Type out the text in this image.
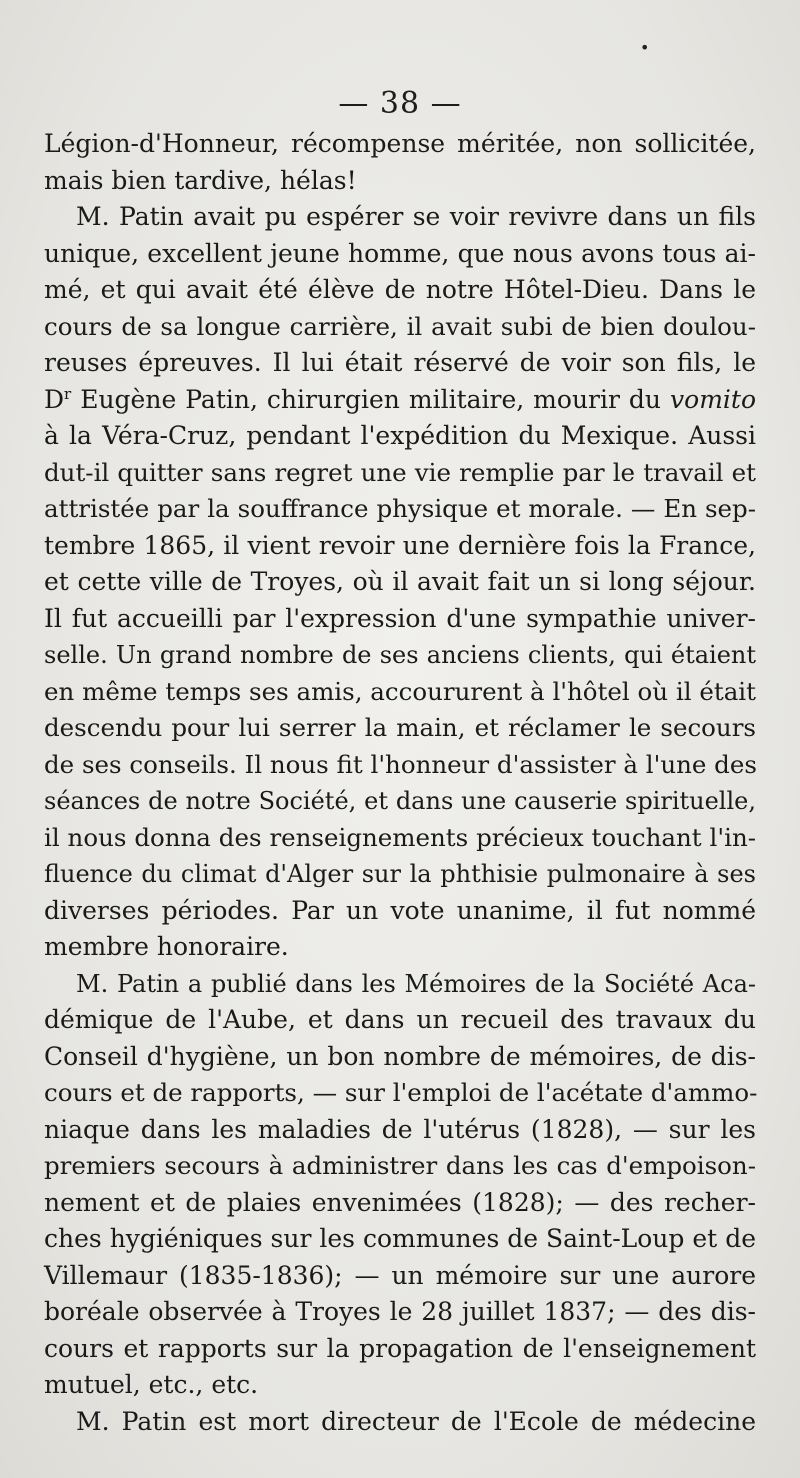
•
— 38 —
Légion-d'Honneur, récompense méritée, non sollicitée,
mais bien tardive, hélas!
M. Patin avait pu espérer se voir revivre dans un fils
unique, excellent jeune homme, que nous avons tous ai-
mé, et qui avait été élève de notre Hôtel-Dieu. Dans le
cours de sa longue carrière, il avait subi de bien doulou-
reuses épreuves. Il lui était réservé de voir son fils, le
$D^r$ Eugène Patin, chirurgien militaire, mourir du vomito
à la Véra-Cruz, pendant l'expédition du Mexique. Aussi
dut-il quitter sans regret une vie remplie par le travail et
attristée par la souffrance physique et morale. — En sep-
tembre 1865, il vient revoir une dernière fois la France,
et cette ville de Troyes, où il avait fait un si long séjour.
Il fut accueilli par l'expression d'une sympathie univer-
selle. Un grand nombre de ses anciens clients, qui étaient
en même temps ses amis, accoururent à l'hôtel où il était
descendu pour lui serrer la main, et réclamer le secours
de ses conseils. Il nous fit l'honneur d'assister à l'une des
séances de notre Société, et dans une causerie spirituelle,
il nous donna des renseignements précieux touchant l'in-
fluence du climat d'Alger sur la phthisie pulmonaire à ses
diverses périodes. Par un vote unanime, il fut nommé
membre honoraire.
M. Patin a publié dans les Mémoires de la Société Aca-
démique de l'Aube, et dans un recueil des travaux du
Conseil d'hygiène, un bon nombre de mémoires, de dis-
cours et de rapports, — sur l'emploi de l'acétate d'ammo-
niaque dans les maladies de l'utérus (1828), — sur les
premiers secours à administrer dans les cas d'empoison-
nement et de plaies envenimées (1828); — des recher-
ches hygiéniques sur les communes de Saint-Loup et de
Villemaur (1835-1836); — un mémoire sur une aurore
boréale observée à Troyes le 28 juillet 1837; — des dis-
cours et rapports sur la propagation de l'enseignement
mutuel, etc., etc.
M. Patin est mort directeur de l'Ecole de médecine
